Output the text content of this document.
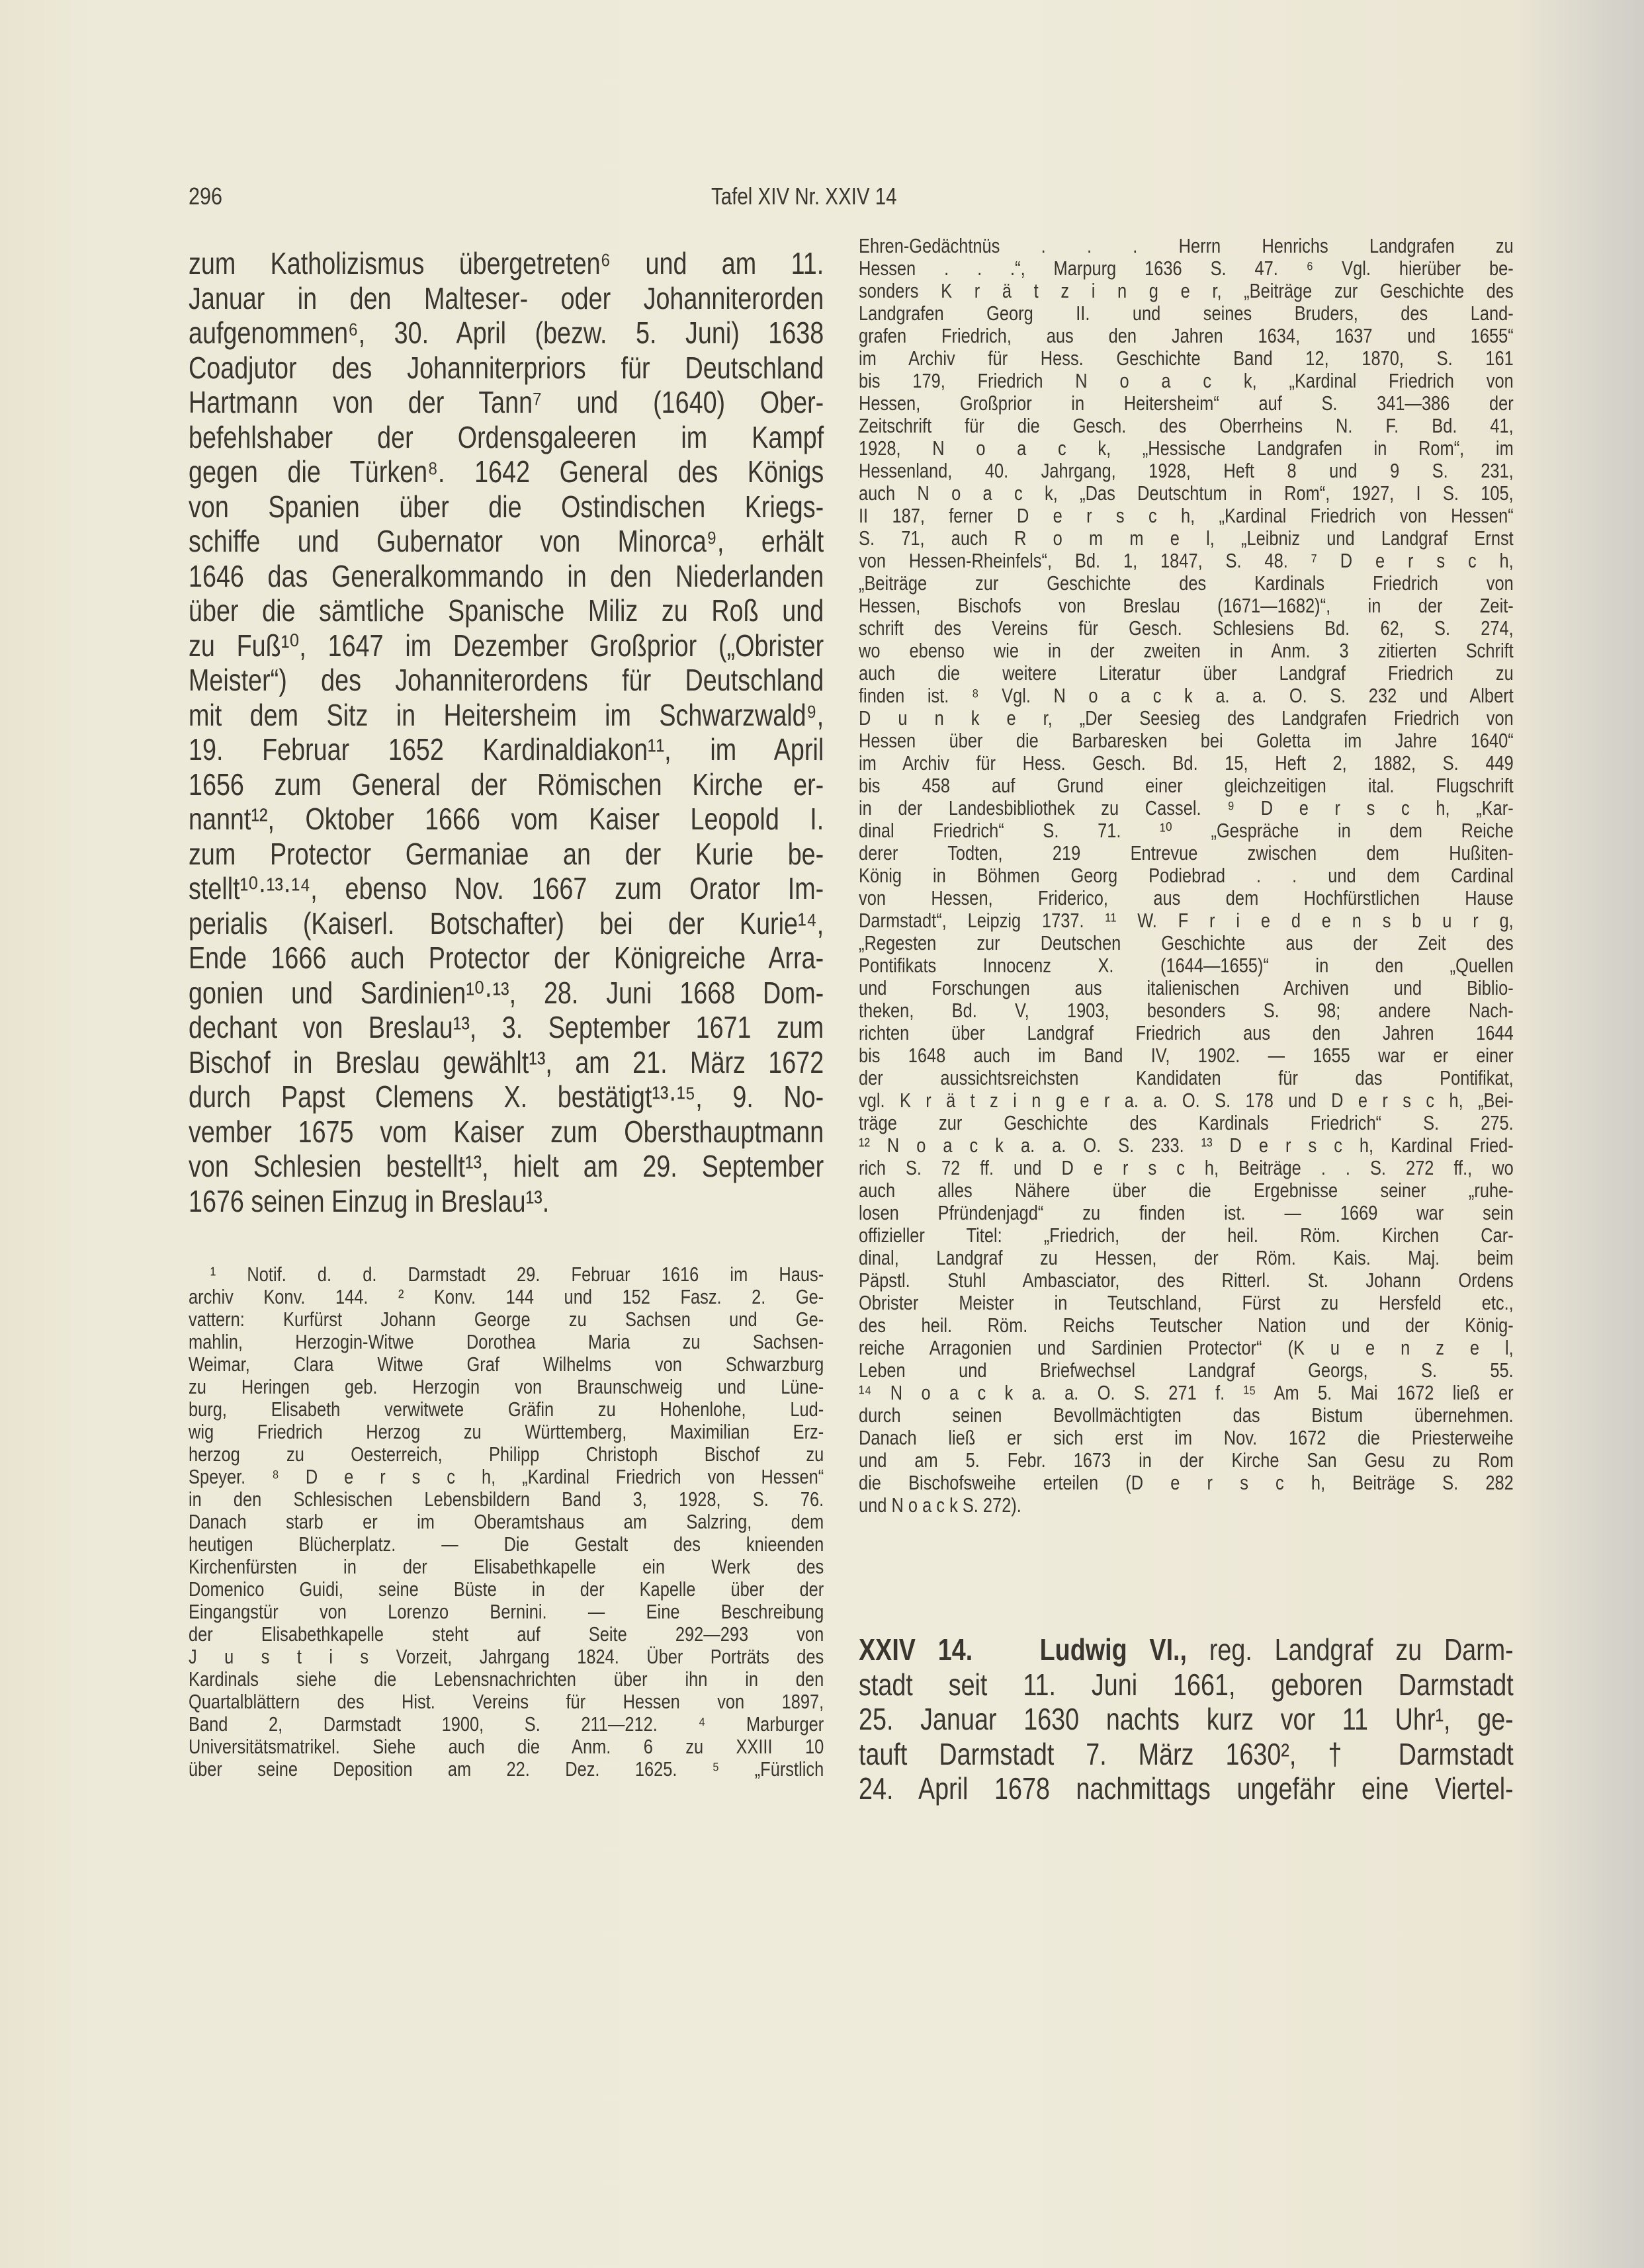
296	Tafel XIV Nr. XXIV 14
zum Katholizismus übergetreten⁶ und am 11.
Januar in den Malteser- oder Johanniterorden
aufgenommen⁶, 30. April (bezw. 5. Juni) 1638
Coadjutor des Johanniterpriors für Deutschland
Hartmann von der Tann⁷ und (1640) Ober-
befehlshaber der Ordensgaleeren im Kampf
gegen die Türken⁸. 1642 General des Königs
von Spanien über die Ostindischen Kriegs-
schiffe und Gubernator von Minorca⁹, erhält
1646 das Generalkommando in den Niederlanden
über die sämtliche Spanische Miliz zu Roß und
zu Fuß¹⁰, 1647 im Dezember Großprior („Obrister
Meister“) des Johanniterordens für Deutschland
mit dem Sitz in Heitersheim im Schwarzwald⁹,
19. Februar 1652 Kardinaldiakon¹¹, im April
1656 zum General der Römischen Kirche er-
nannt¹², Oktober 1666 vom Kaiser Leopold I.
zum Protector Germaniae an der Kurie be-
stellt¹⁰·¹³·¹⁴, ebenso Nov. 1667 zum Orator Im-
perialis (Kaiserl. Botschafter) bei der Kurie¹⁴,
Ende 1666 auch Protector der Königreiche Arra-
gonien und Sardinien¹⁰·¹³, 28. Juni 1668 Dom-
dechant von Breslau¹³, 3. September 1671 zum
Bischof in Breslau gewählt¹³, am 21. März 1672
durch Papst Clemens X. bestätigt¹³·¹⁵, 9. No-
vember 1675 vom Kaiser zum Obersthauptmann
von Schlesien bestellt¹³, hielt am 29. September
1676 seinen Einzug in Breslau¹³.
¹ Notif. d. d. Darmstadt 29. Februar 1616 im Haus-
archiv Konv. 144. ² Konv. 144 und 152 Fasz. 2. Ge-
vattern: Kurfürst Johann George zu Sachsen und Ge-
mahlin, Herzogin-Witwe Dorothea Maria zu Sachsen-
Weimar, Clara Witwe Graf Wilhelms von Schwarzburg
zu Heringen geb. Herzogin von Braunschweig und Lüne-
burg, Elisabeth verwitwete Gräfin zu Hohenlohe, Lud-
wig Friedrich Herzog zu Württemberg, Maximilian Erz-
herzog zu Oesterreich, Philipp Christoph Bischof zu
Speyer. ⁸ D e r s c h, „Kardinal Friedrich von Hessen“
in den Schlesischen Lebensbildern Band 3, 1928, S. 76.
Danach starb er im Oberamtshaus am Salzring, dem
heutigen Blücherplatz. — Die Gestalt des knieenden
Kirchenfürsten in der Elisabethkapelle ein Werk des
Domenico Guidi, seine Büste in der Kapelle über der
Eingangstür von Lorenzo Bernini. — Eine Beschreibung
der Elisabethkapelle steht auf Seite 292—293 von
J u s t i s Vorzeit, Jahrgang 1824. Über Porträts des
Kardinals siehe die Lebensnachrichten über ihn in den
Quartalblättern des Hist. Vereins für Hessen von 1897,
Band 2, Darmstadt 1900, S. 211—212. ⁴ Marburger
Universitätsmatrikel. Siehe auch die Anm. 6 zu XXIII 10
über seine Deposition am 22. Dez. 1625. ⁵ „Fürstlich
Ehren-Gedächtnüs . . . Herrn Henrichs Landgrafen zu
Hessen . . .“, Marpurg 1636 S. 47. ⁶ Vgl. hierüber be-
sonders K r ä t z i n g e r, „Beiträge zur Geschichte des
Landgrafen Georg II. und seines Bruders, des Land-
grafen Friedrich, aus den Jahren 1634, 1637 und 1655“
im Archiv für Hess. Geschichte Band 12, 1870, S. 161
bis 179, Friedrich N o a c k, „Kardinal Friedrich von
Hessen, Großprior in Heitersheim“ auf S. 341—386 der
Zeitschrift für die Gesch. des Oberrheins N. F. Bd. 41,
1928, N o a c k, „Hessische Landgrafen in Rom“, im
Hessenland, 40. Jahrgang, 1928, Heft 8 und 9 S. 231,
auch N o a c k, „Das Deutschtum in Rom“, 1927, I S. 105,
II 187, ferner D e r s c h, „Kardinal Friedrich von Hessen“
S. 71, auch R o m m e l, „Leibniz und Landgraf Ernst
von Hessen-Rheinfels“, Bd. 1, 1847, S. 48. ⁷ D e r s c h,
„Beiträge zur Geschichte des Kardinals Friedrich von
Hessen, Bischofs von Breslau (1671—1682)“, in der Zeit-
schrift des Vereins für Gesch. Schlesiens Bd. 62, S. 274,
wo ebenso wie in der zweiten in Anm. 3 zitierten Schrift
auch die weitere Literatur über Landgraf Friedrich zu
finden ist. ⁸ Vgl. N o a c k a. a. O. S. 232 und Albert
D u n k e r, „Der Seesieg des Landgrafen Friedrich von
Hessen über die Barbaresken bei Goletta im Jahre 1640“
im Archiv für Hess. Gesch. Bd. 15, Heft 2, 1882, S. 449
bis 458 auf Grund einer gleichzeitigen ital. Flugschrift
in der Landesbibliothek zu Cassel. ⁹ D e r s c h, „Kar-
dinal Friedrich“ S. 71. ¹⁰ „Gespräche in dem Reiche
derer Todten, 219 Entrevue zwischen dem Hußiten-
König in Böhmen Georg Podiebrad . . und dem Cardinal
von Hessen, Friderico, aus dem Hochfürstlichen Hause
Darmstadt“, Leipzig 1737. ¹¹ W. F r i e d e n s b u r g,
„Regesten zur Deutschen Geschichte aus der Zeit des
Pontifikats Innocenz X. (1644—1655)“ in den „Quellen
und Forschungen aus italienischen Archiven und Biblio-
theken, Bd. V, 1903, besonders S. 98; andere Nach-
richten über Landgraf Friedrich aus den Jahren 1644
bis 1648 auch im Band IV, 1902. — 1655 war er einer
der aussichtsreichsten Kandidaten für das Pontifikat,
vgl. K r ä t z i n g e r a. a. O. S. 178 und D e r s c h, „Bei-
träge zur Geschichte des Kardinals Friedrich“ S. 275.
¹² N o a c k a. a. O. S. 233. ¹³ D e r s c h, Kardinal Fried-
rich S. 72 ff. und D e r s c h, Beiträge . . S. 272 ff., wo
auch alles Nähere über die Ergebnisse seiner „ruhe-
losen Pfründenjagd“ zu finden ist. — 1669 war sein
offizieller Titel: „Friedrich, der heil. Röm. Kirchen Car-
dinal, Landgraf zu Hessen, der Röm. Kais. Maj. beim
Päpstl. Stuhl Ambasciator, des Ritterl. St. Johann Ordens
Obrister Meister in Teutschland, Fürst zu Hersfeld etc.,
des heil. Röm. Reichs Teutscher Nation und der König-
reiche Arragonien und Sardinien Protector“ (K u e n z e l,
Leben und Briefwechsel Landgraf Georgs, S. 55.
¹⁴ N o a c k a. a. O. S. 271 f. ¹⁵ Am 5. Mai 1672 ließ er
durch seinen Bevollmächtigten das Bistum übernehmen.
Danach ließ er sich erst im Nov. 1672 die Priesterweihe
und am 5. Febr. 1673 in der Kirche San Gesu zu Rom
die Bischofsweihe erteilen (D e r s c h, Beiträge S. 282
und N o a c k S. 272).
XXIV 14. Ludwig VI., reg. Landgraf zu Darm-
stadt seit 11. Juni 1661, geboren Darmstadt
25. Januar 1630 nachts kurz vor 11 Uhr¹, ge-
tauft Darmstadt 7. März 1630², † Darmstadt
24. April 1678 nachmittags ungefähr eine Viertel-
